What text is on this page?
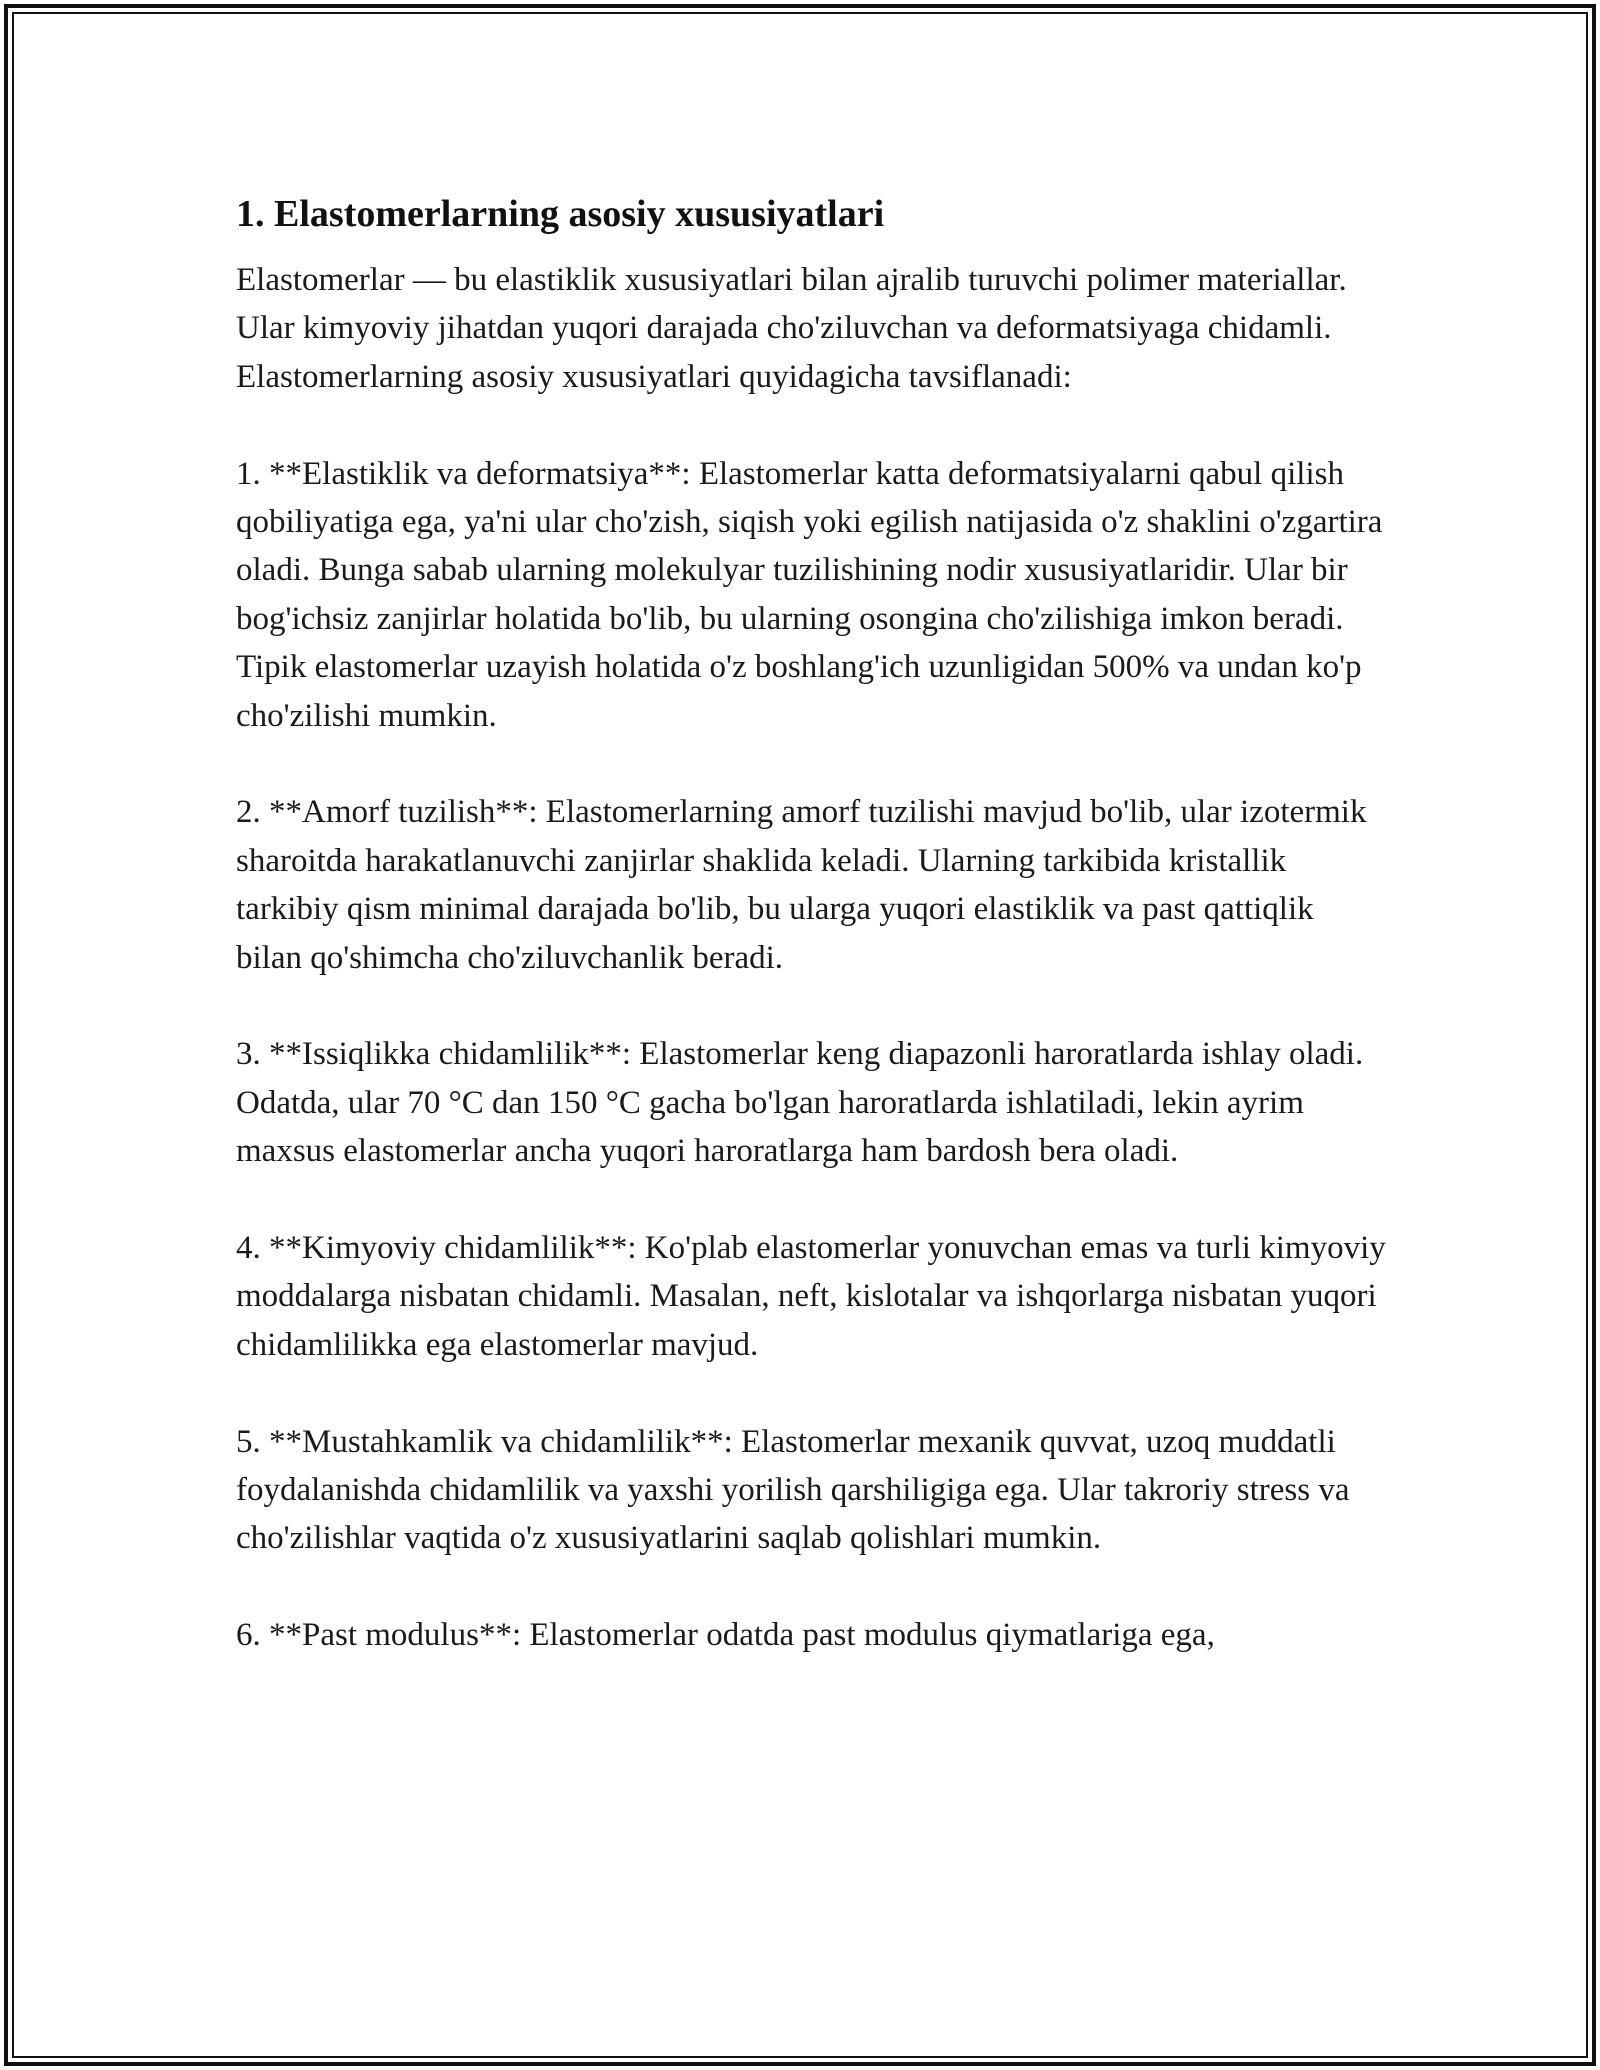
1. Elastomerlarning asosiy xususiyatlari

Elastomerlar — bu elastiklik xususiyatlari bilan ajralib turuvchi polimer materiallar. Ular kimyoviy jihatdan yuqori darajada cho'ziluvchan va deformatsiyaga chidamli. Elastomerlarning asosiy xususiyatlari quyidagicha tavsiflanadi:

1. **Elastiklik va deformatsiya**: Elastomerlar katta deformatsiyalarni qabul qilish qobiliyatiga ega, ya'ni ular cho'zish, siqish yoki egilish natijasida o'z shaklini o'zgartira oladi. Bunga sabab ularning molekulyar tuzilishining nodir xususiyatlaridir. Ular bir bog'ichsiz zanjirlar holatida bo'lib, bu ularning osongina cho'zilishiga imkon beradi. Tipik elastomerlar uzayish holatida o'z boshlang'ich uzunligidan 500% va undan ko'p cho'zilishi mumkin.

2. **Amorf tuzilish**: Elastomerlarning amorf tuzilishi mavjud bo'lib, ular izotermik sharoitda harakatlanuvchi zanjirlar shaklida keladi. Ularning tarkibida kristallik tarkibiy qism minimal darajada bo'lib, bu ularga yuqori elastiklik va past qattiqlik bilan qo'shimcha cho'ziluvchanlik beradi.

3. **Issiqlikka chidamlilik**: Elastomerlar keng diapazonli haroratlarda ishlay oladi. Odatda, ular 70 °C dan 150 °C gacha bo'lgan haroratlarda ishlatiladi, lekin ayrim maxsus elastomerlar ancha yuqori haroratlarga ham bardosh bera oladi.

4. **Kimyoviy chidamlilik**: Ko'plab elastomerlar yonuvchan emas va turli kimyoviy moddalarga nisbatan chidamli. Masalan, neft, kislotalar va ishqorlarga nisbatan yuqori chidamlilikka ega elastomerlar mavjud.

5. **Mustahkamlik va chidamlilik**: Elastomerlar mexanik quvvat, uzoq muddatli foydalanishda chidamlilik va yaxshi yorilish qarshiligiga ega. Ular takroriy stress va cho'zilishlar vaqtida o'z xususiyatlarini saqlab qolishlari mumkin.

6. **Past modulus**: Elastomerlar odatda past modulus qiymatlariga ega,
